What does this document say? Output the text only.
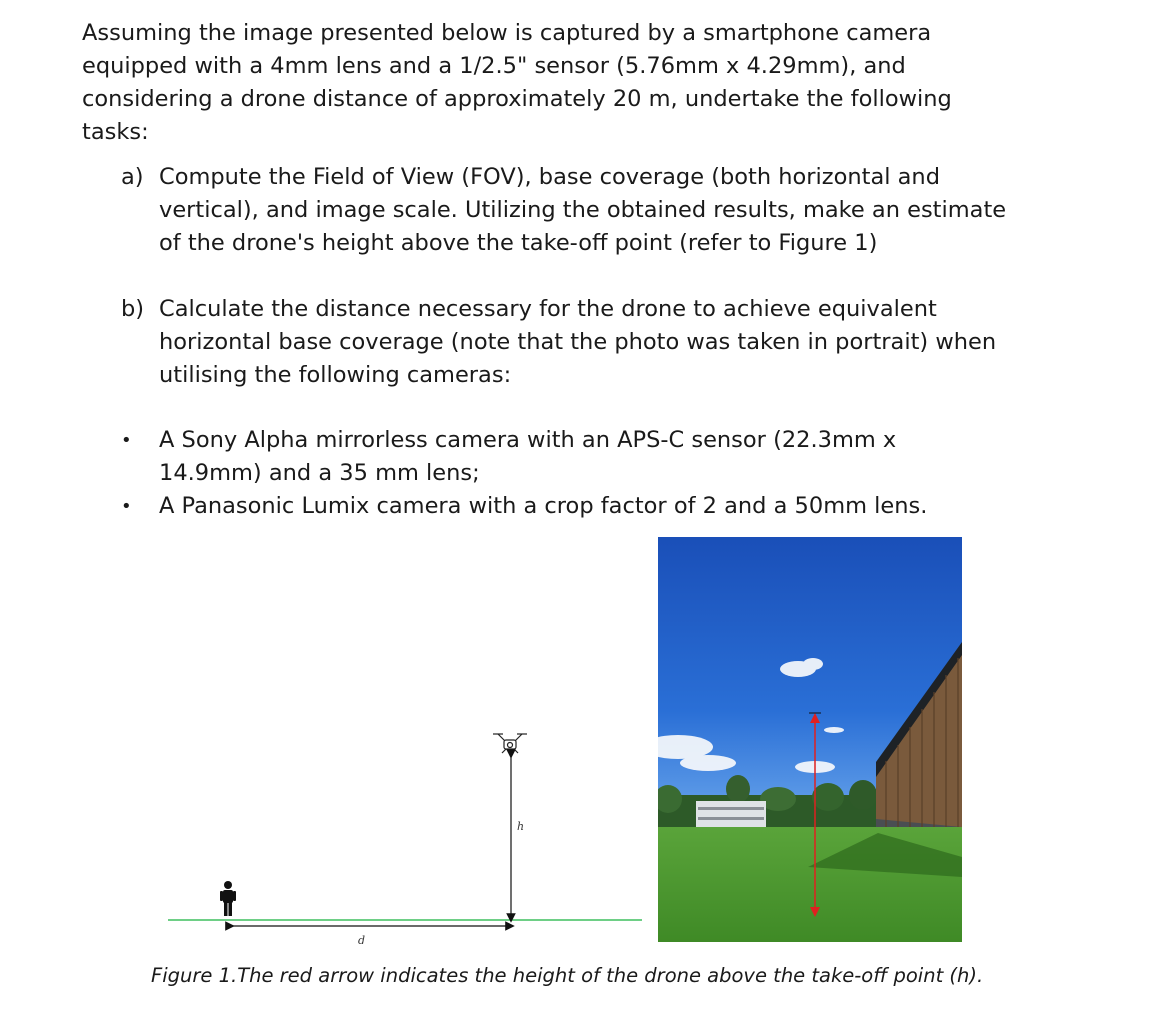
Assuming the image presented below is captured by a smartphone camera
equipped with a 4mm lens and a 1/2.5" sensor (5.76mm x 4.29mm), and
considering a drone distance of approximately 20 m, undertake the following
tasks:
a) Compute the Field of View (FOV), base coverage (both horizontal and
vertical), and image scale. Utilizing the obtained results, make an estimate
of the drone's height above the take-off point (refer to Figure 1)
b) Calculate the distance necessary for the drone to achieve equivalent
horizontal base coverage (note that the photo was taken in portrait) when
utilising the following cameras:
• A Sony Alpha mirrorless camera with an APS-C sensor (22.3mm x
14.9mm) and a 35 mm lens;
• A Panasonic Lumix camera with a crop factor of 2 and a 50mm lens.
d
h
Figure 1.The red arrow indicates the height of the drone above the take-off point (h).
